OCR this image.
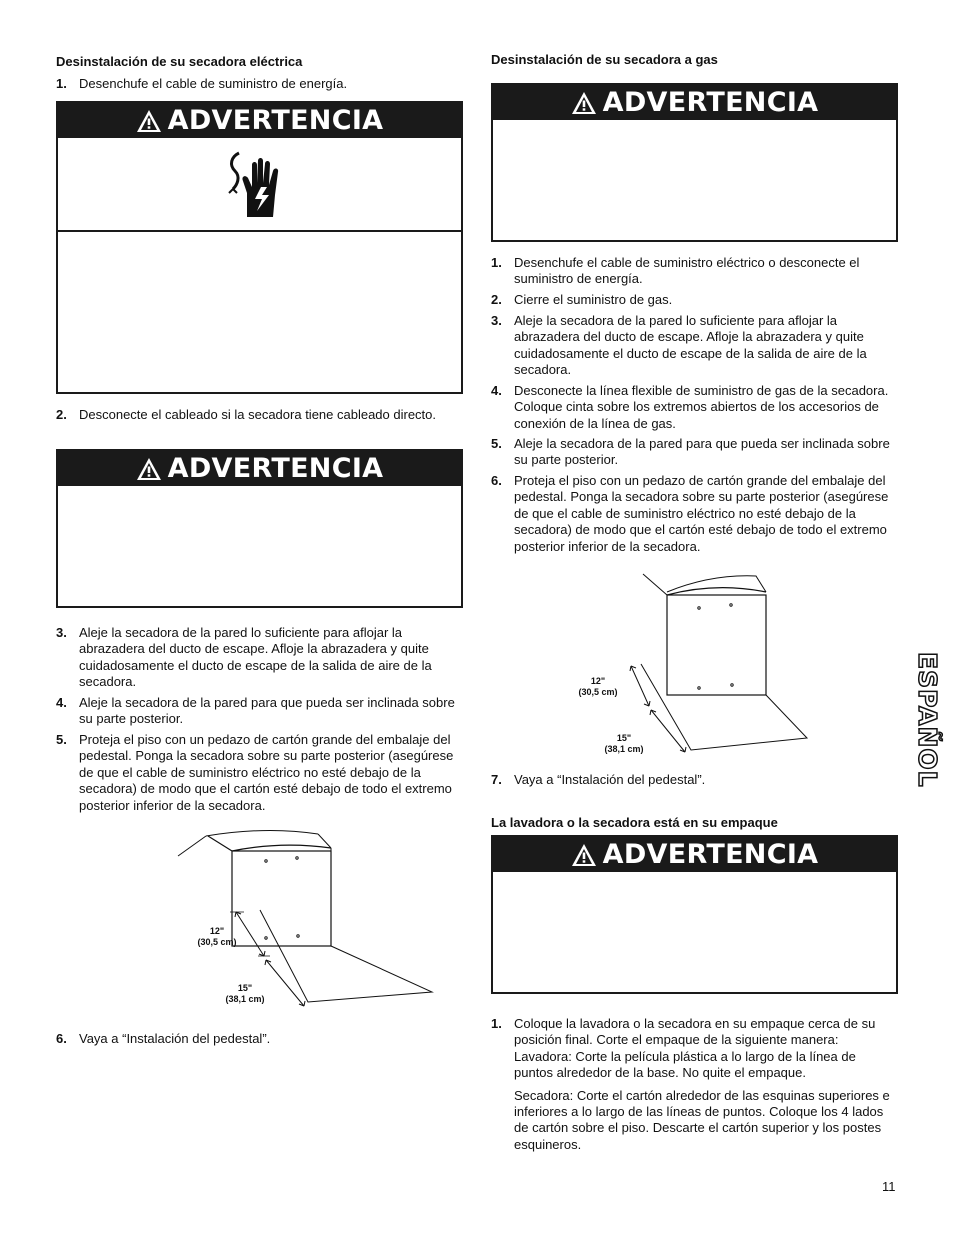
Desinstalación de su secadora eléctrica
1. Desenchufe el cable de suministro de energía.
ADVERTENCIA
2. Desconecte el cableado si la secadora tiene cableado directo.
ADVERTENCIA
3. Aleje la secadora de la pared lo suficiente para aflojar la abrazadera del ducto de escape. Afloje la abrazadera y quite cuidadosamente el ducto de escape de la salida de aire de la secadora.
4. Aleje la secadora de la pared para que pueda ser inclinada sobre su parte posterior.
5. Proteja el piso con un pedazo de cartón grande del embalaje del pedestal. Ponga la secadora sobre su parte posterior (asegúrese de que el cable de suministro eléctrico no esté debajo de la secadora) de modo que el cartón esté debajo de todo el extremo posterior inferior de la secadora.
12"
(30,5 cm)
15"
(38,1 cm)
6. Vaya a “Instalación del pedestal”.
Desinstalación de su secadora a gas
ADVERTENCIA
1. Desenchufe el cable de suministro eléctrico o desconecte el suministro de energía.
2. Cierre el suministro de gas.
3. Aleje la secadora de la pared lo suficiente para aflojar la abrazadera del ducto de escape. Afloje la abrazadera y quite cuidadosamente el ducto de escape de la salida de aire de la secadora.
4. Desconecte la línea flexible de suministro de gas de la secadora. Coloque cinta sobre los extremos abiertos de los accesorios de conexión de la línea de gas.
5. Aleje la secadora de la pared para que pueda ser inclinada sobre su parte posterior.
6. Proteja el piso con un pedazo de cartón grande del embalaje del pedestal. Ponga la secadora sobre su parte posterior (asegúrese de que el cable de suministro eléctrico no esté debajo de la secadora) de modo que el cartón esté debajo de todo el extremo posterior inferior de la secadora.
12"
(30,5 cm)
15"
(38,1 cm)
7. Vaya a “Instalación del pedestal”.
La lavadora o la secadora está en su empaque
ADVERTENCIA
1. Coloque la lavadora o la secadora en su empaque cerca de su posición final. Corte el empaque de la siguiente manera: Lavadora: Corte la película plástica a lo largo de la línea de puntos alrededor de la base. No quite el empaque.

Secadora: Corte el cartón alrededor de las esquinas superiores e inferiores a lo largo de las líneas de puntos. Coloque los 4 lados de cartón sobre el piso. Descarte el cartón superior y los postes esquineros.

ESPAÑOL
11
